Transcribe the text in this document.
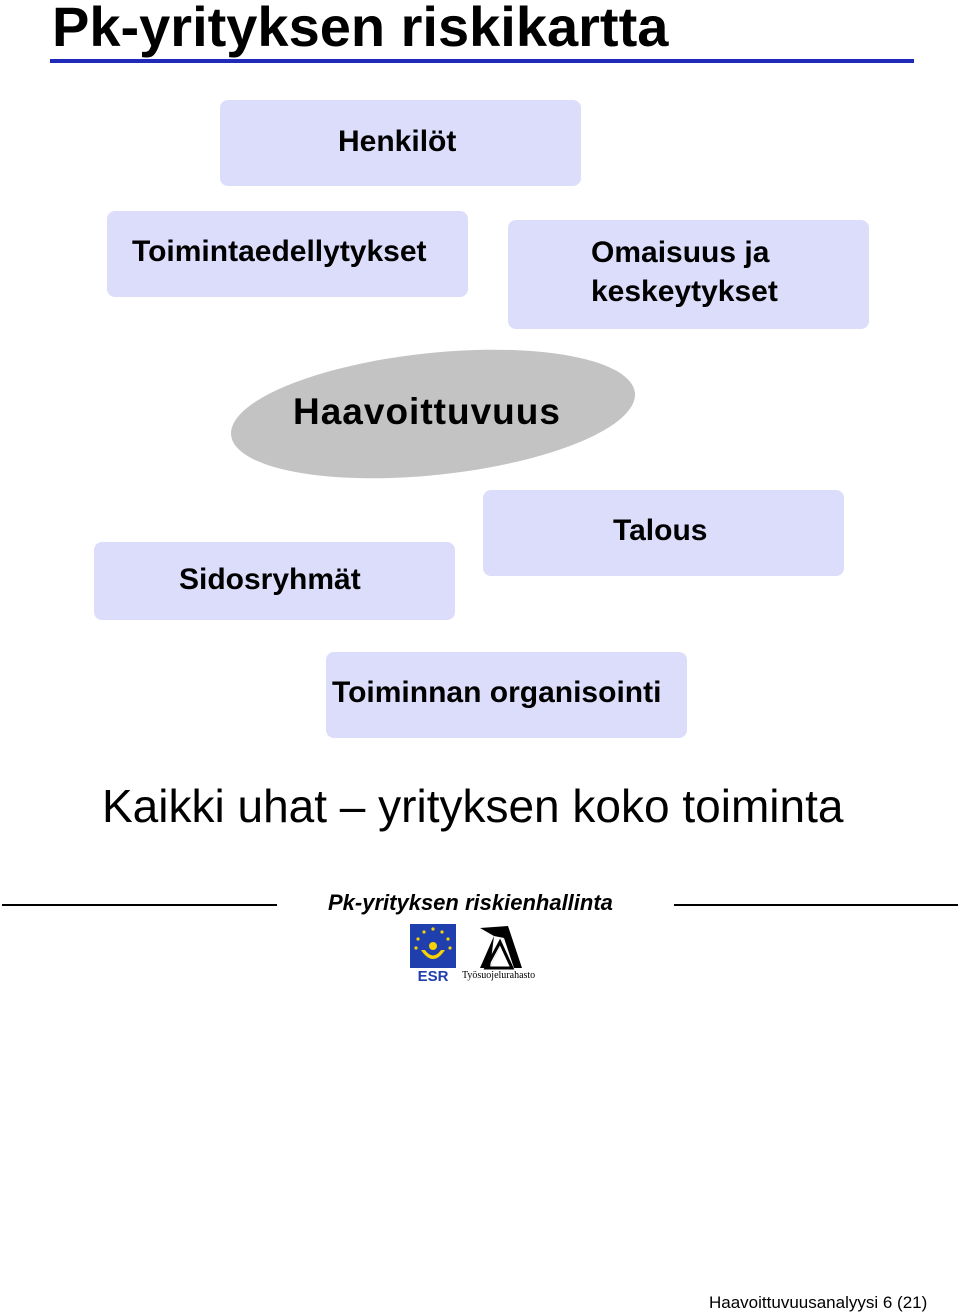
Pk-yrityksen riskikartta
Henkilöt
Toimintaedellytykset	Omaisuus ja
keskeytykset
Haavoittuvuus
Sidosryhmät
Talous
Toiminnan organisointi
Kaikki uhat – yrityksen koko toiminta
Pk-yrityksen riskienhallinta
ESR Työsuojelurahasto
Haavoittuvuusanalyysi 6 (21)
